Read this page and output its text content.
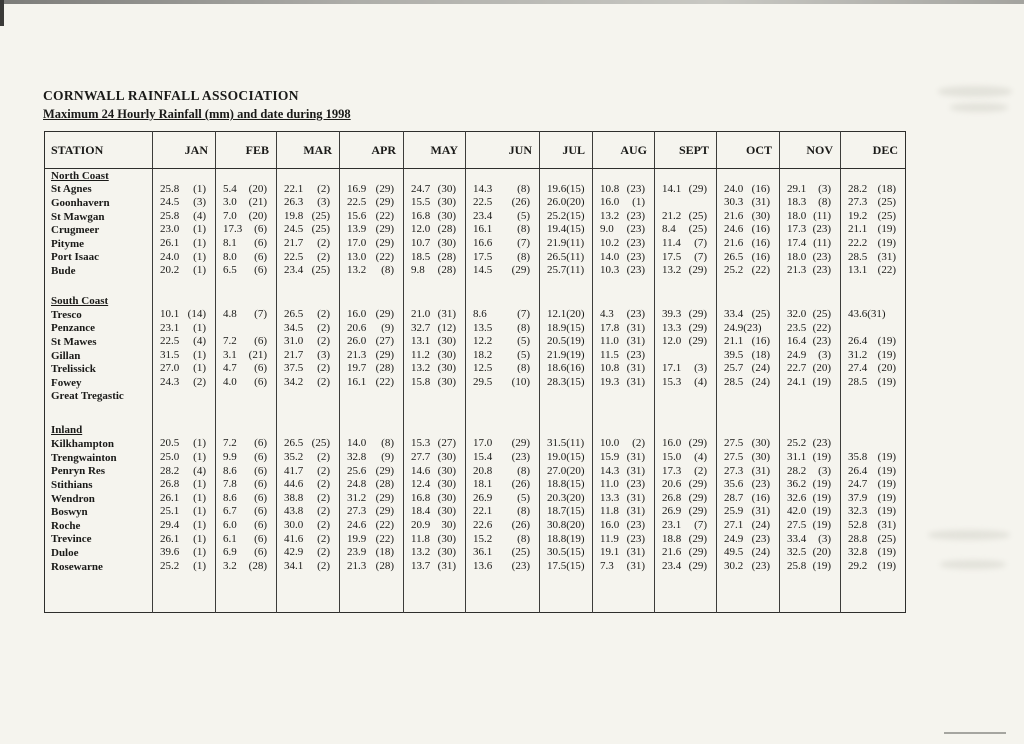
CORNWALL RAINFALL ASSOCIATION
Maximum 24 Hourly Rainfall (mm) and date during 1998
STATION	JAN	FEB	MAR	APR	MAY	JUN	JUL	AUG	SEPT	OCT	NOV	DEC
North Coast												
St Agnes	25.8 (1)	5.4 (20)	22.1 (2)	16.9 (29)	24.7 (30)	14.3 (8)	19.6 (15)	10.8 (23)	14.1 (29)	24.0 (16)	29.1 (3)	28.2 (18)

Goonhavern	24.5 (3)	3.0 (21)	26.3 (3)	22.5 (29)	15.5 (30)	22.5 (26)	26.0 (20)	16.0 (1)		30.3 (31)	18.3 (8)	27.3 (25)

St Mawgan	25.8 (4)	7.0 (20)	19.8 (25)	15.6 (22)	16.8 (30)	23.4 (5)	25.2 (15)	13.2 (23)	21.2 (25)	21.6 (30)	18.0 (11)	19.2 (25)

Crugmeer	23.0 (1)	17.3 (6)	24.5 (25)	13.9 (29)	12.0 (28)	16.1 (8)	19.4 (15)	9.0 (23)	8.4 (25)	24.6 (16)	17.3 (23)	21.1 (19)

Pityme	26.1 (1)	8.1 (6)	21.7 (2)	17.0 (29)	10.7 (30)	16.6 (7)	21.9 (11)	10.2 (23)	11.4 (7)	21.6 (16)	17.4 (11)	22.2 (19)

Port Isaac	24.0 (1)	8.0 (6)	22.5 (2)	13.0 (22)	18.5 (28)	17.5 (8)	26.5 (11)	14.0 (23)	17.5 (7)	26.5 (16)	18.0 (23)	28.5 (31)

Bude	20.2 (1)	6.5 (6)	23.4 (25)	13.2 (8)	9.8 (28)	14.5 (29)	25.7 (11)	10.3 (23)	13.2 (29)	25.2 (22)	21.3 (23)	13.1 (22)

South Coast												
Tresco	10.1 (14)	4.8 (7)	26.5 (2)	16.0 (29)	21.0 (31)	8.6 (7)	12.1 (20)	4.3 (23)	39.3 (29)	33.4 (25)	32.0 (25)	43.6(31)

Penzance	23.1 (1)		34.5 (2)	20.6 (9)	32.7 (12)	13.5 (8)	18.9 (15)	17.8 (31)	13.3 (29)	24.9(23)	23.5 (22)	

St Mawes	22.5 (4)	7.2 (6)	31.0 (2)	26.0 (27)	13.1 (30)	12.2 (5)	20.5 (19)	11.0 (31)	12.0 (29)	21.1 (16)	16.4 (23)	26.4 (19)

Gillan	31.5 (1)	3.1 (21)	21.7 (3)	21.3 (29)	11.2 (30)	18.2 (5)	21.9 (19)	11.5 (23)		39.5 (18)	24.9 (3)	31.2 (19)

Trelissick	27.0 (1)	4.7 (6)	37.5 (2)	19.7 (28)	13.2 (30)	12.5 (8)	18.6 (16)	10.8 (31)	17.1 (3)	25.7 (24)	22.7 (20)	27.4 (20)

Fowey	24.3 (2)	4.0 (6)	34.2 (2)	16.1 (22)	15.8 (30)	29.5 (10)	28.3 (15)	19.3 (31)	15.3 (4)	28.5 (24)	24.1 (19)	28.5 (19)

Great Tregastic												

Inland												
Kilkhampton	20.5 (1)	7.2 (6)	26.5 (25)	14.0 (8)	15.3 (27)	17.0 (29)	31.5 (11)	10.0 (2)	16.0 (29)	27.5 (30)	25.2 (23)	

Trengwainton	25.0 (1)	9.9 (6)	35.2 (2)	32.8 (9)	27.7 (30)	15.4 (23)	19.0 (15)	15.9 (31)	15.0 (4)	27.5 (30)	31.1 (19)	35.8 (19)

Penryn Res	28.2 (4)	8.6 (6)	41.7 (2)	25.6 (29)	14.6 (30)	20.8 (8)	27.0 (20)	14.3 (31)	17.3 (2)	27.3 (31)	28.2 (3)	26.4 (19)

Stithians	26.8 (1)	7.8 (6)	44.6 (2)	24.8 (28)	12.4 (30)	18.1 (26)	18.8 (15)	11.0 (23)	20.6 (29)	35.6 (23)	36.2 (19)	24.7 (19)

Wendron	26.1 (1)	8.6 (6)	38.8 (2)	31.2 (29)	16.8 (30)	26.9 (5)	20.3 (20)	13.3 (31)	26.8 (29)	28.7 (16)	32.6 (19)	37.9 (19)

Boswyn	25.1 (1)	6.7 (6)	43.8 (2)	27.3 (29)	18.4 (30)	22.1 (8)	18.7 (15)	11.8 (31)	26.9 (29)	25.9 (31)	42.0 (19)	32.3 (19)

Roche	29.4 (1)	6.0 (6)	30.0 (2)	24.6 (22)	20.9 30)	22.6 (26)	30.8 (20)	16.0 (23)	23.1 (7)	27.1 (24)	27.5 (19)	52.8 (31)

Trevince	26.1 (1)	6.1 (6)	41.6 (2)	19.9 (22)	11.8 (30)	15.2 (8)	18.8 (19)	11.9 (23)	18.8 (29)	24.9 (23)	33.4 (3)	28.8 (25)

Duloe	39.6 (1)	6.9 (6)	42.9 (2)	23.9 (18)	13.2 (30)	36.1 (25)	30.5 (15)	19.1 (31)	21.6 (29)	49.5 (24)	32.5 (20)	32.8 (19)

Rosewarne	25.2 (1)	3.2 (28)	34.1 (2)	21.3 (28)	13.7 (31)	13.6 (23)	17.5 (15)	7.3 (31)	23.4 (29)	30.2 (23)	25.8 (19)	29.2 (19)
